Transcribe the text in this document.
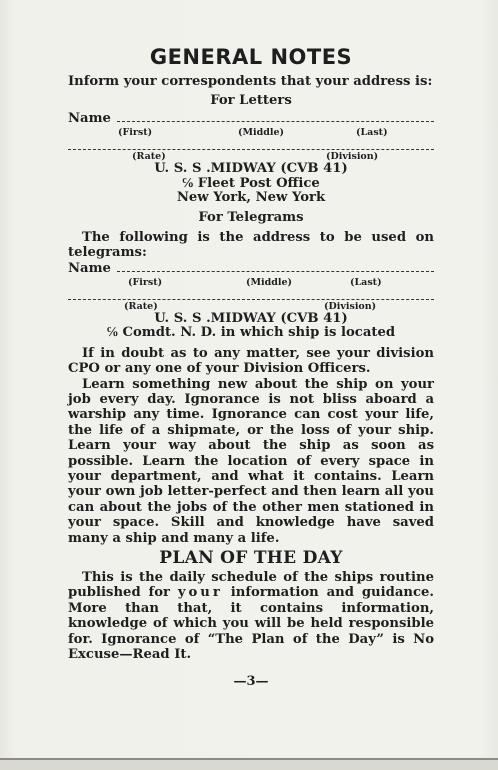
GENERAL NOTES

Inform your correspondents that your address is:

For Letters
Name
(First)	(Middle)	(Last)
(Rate)	(Division)
U. S. S .MIDWAY (CVB 41)
℅ Fleet Post Office
New York, New York
For Telegrams

The following is the address to be used on telegrams:

Name
(First)	(Middle)	(Last)
(Rate)	(Division)
U. S. S .MIDWAY (CVB 41)
℅ Comdt. N. D. in which ship is located

If in doubt as to any matter, see your division CPO or any one of your Division Officers.

Learn something new about the ship on your job every day. Ignorance is not bliss aboard a warship any time. Ignorance can cost your life, the life of a shipmate, or the loss of your ship. Learn your way about the ship as soon as possible. Learn the location of every space in your department, and what it contains. Learn your own job letter-perfect and then learn all you can about the jobs of the other men stationed in your space. Skill and knowledge have saved many a ship and many a life.

PLAN OF THE DAY

This is the daily schedule of the ships routine published for your information and guidance. More than that, it contains information, knowledge of which you will be held responsible for. Ignorance of “The Plan of the Day” is No Excuse—Read It.

—3—
